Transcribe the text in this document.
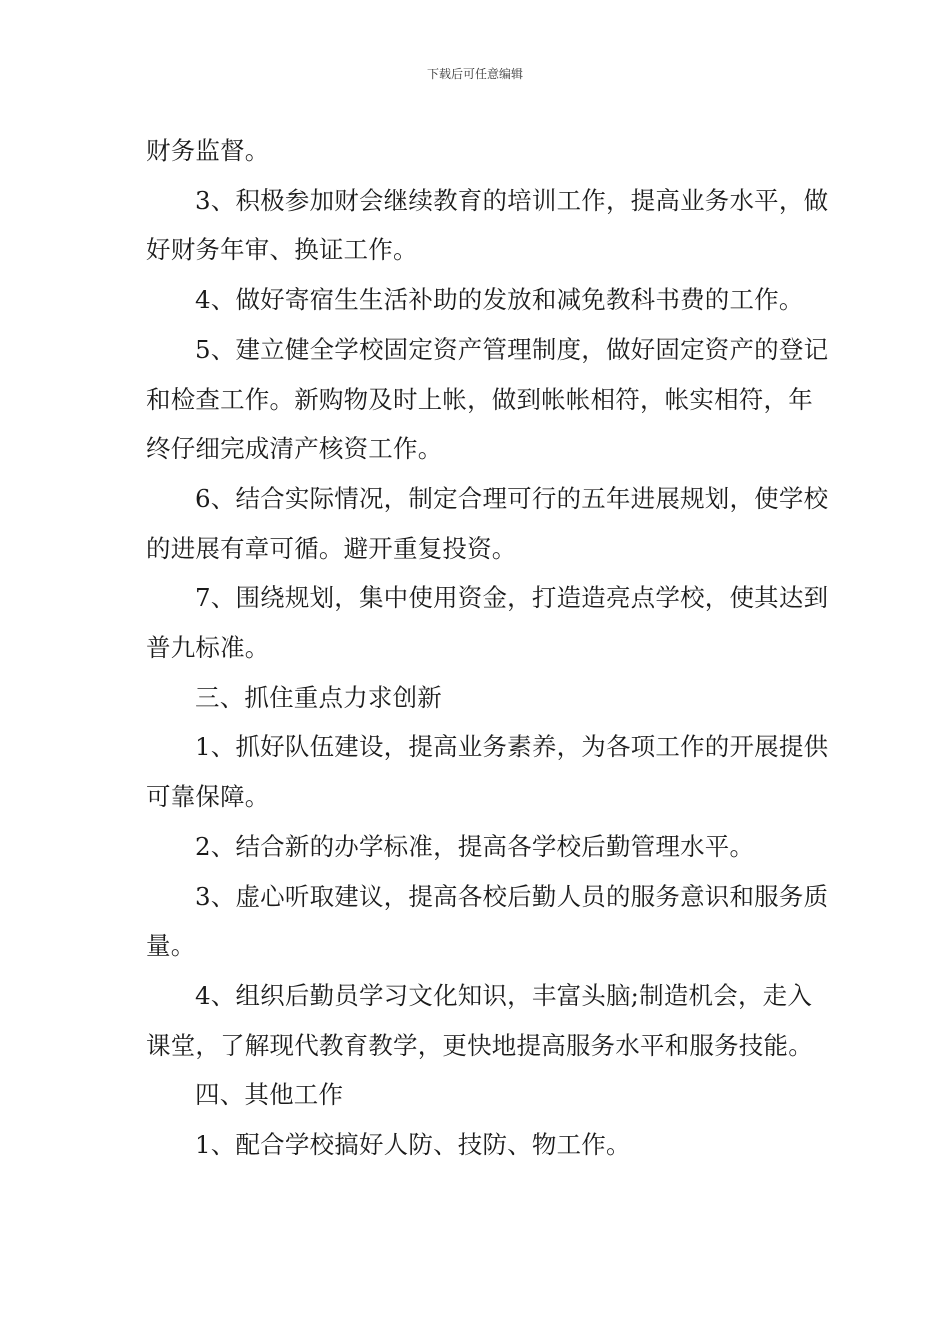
下载后可任意编辑

财务监督。

3、积极参加财会继续教育的培训工作，提高业务水平，做好财务年审、换证工作。

4、做好寄宿生生活补助的发放和减免教科书费的工作。

5、建立健全学校固定资产管理制度，做好固定资产的登记和检查工作。新购物及时上帐，做到帐帐相符，帐实相符，年终仔细完成清产核资工作。

6、结合实际情况，制定合理可行的五年进展规划，使学校的进展有章可循。避开重复投资。

7、围绕规划，集中使用资金，打造造亮点学校，使其达到普九标准。

三、抓住重点力求创新

1、抓好队伍建设，提高业务素养，为各项工作的开展提供可靠保障。

2、结合新的办学标准，提高各学校后勤管理水平。

3、虚心听取建议，提高各校后勤人员的服务意识和服务质量。

4、组织后勤员学习文化知识，丰富头脑;制造机会，走入课堂，了解现代教育教学，更快地提高服务水平和服务技能。

四、其他工作

1、配合学校搞好人防、技防、物工作。
